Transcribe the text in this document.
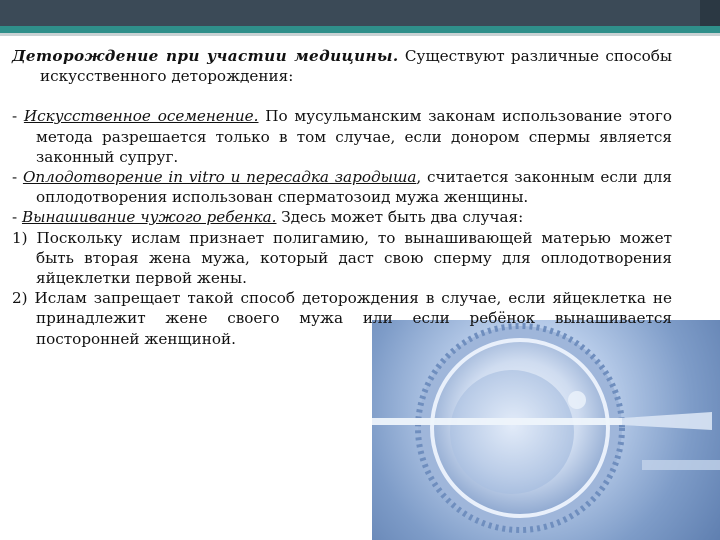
Деторождение при участии медицины. Существуют различные способы искусственного деторождения:

- Искусственное осеменение. По мусульманским законам использование этого метода разрешается только в том случае, если донором спермы является законный супруг.

- Оплодотворение in vitro и пересадка зародыша, считается законным если для оплодотворения использован сперматозоид мужа женщины.

- Вынашивание чужого ребенка. Здесь может быть два случая:

1) Поскольку ислам признает полигамию, то вынашивающей матерью может быть вторая жена мужа, который даст свою сперму для оплодотворения яйцеклетки первой жены.

2) Ислам запрещает такой способ деторождения в случае, если яйцеклетка не принадлежит жене своего мужа или если ребёнок вынашивается посторонней женщиной.
